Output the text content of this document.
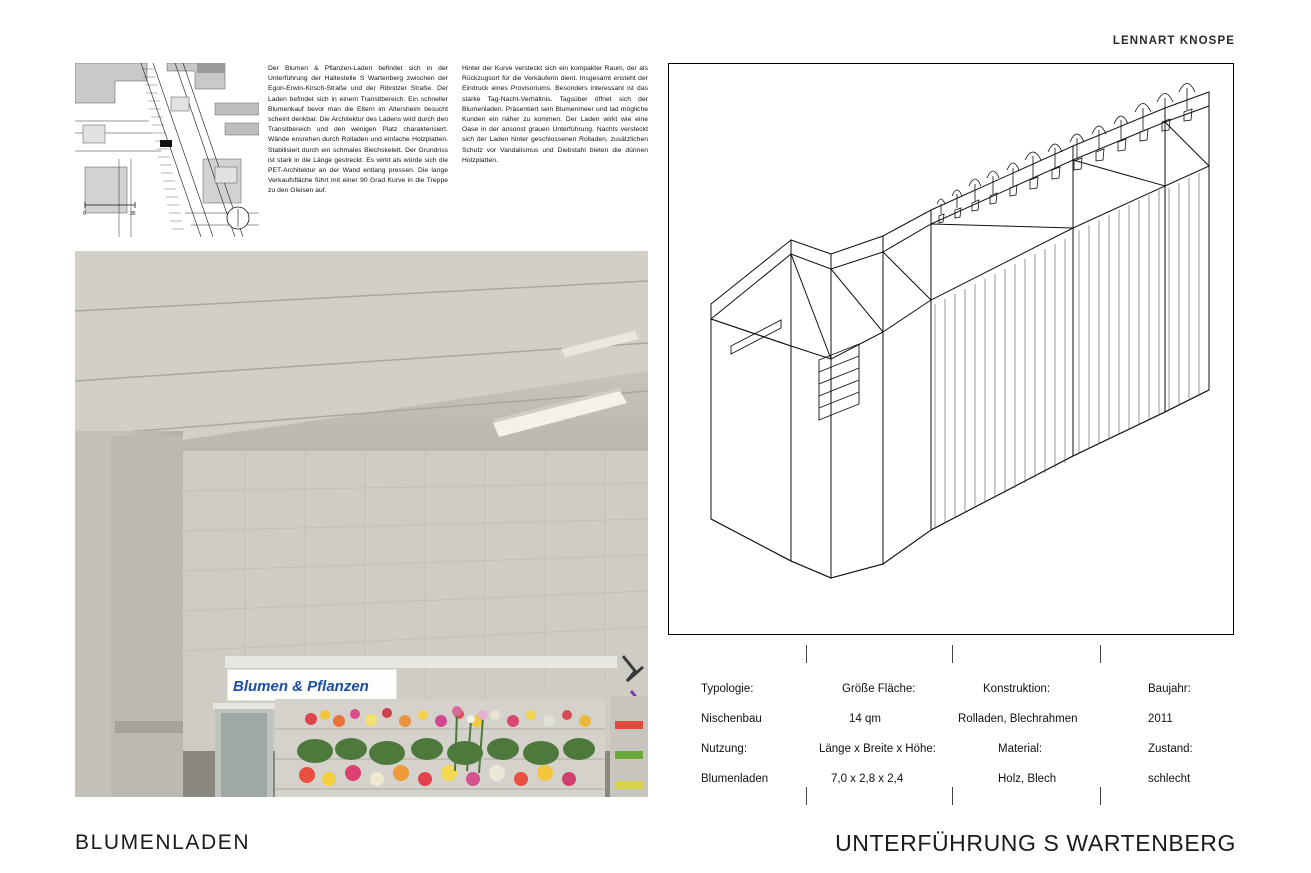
LENNART KNOSPE
0	35
Der Blumen & Pflanzen-Laden befindet sich in der Unterführung der Haltestelle S Wartenberg zwischen der Egon-Erwin-Kirsch-Straße und der Ribnitzer Straße. Der Laden befindet sich in einem Transitbereich. Ein schneller Blumenkauf bevor man die Eltern im Altersheim besucht scheint denkbar. Die Architektur des Ladens wird durch den Transitbereich und den wenigen Platz charakterisiert. Wände ensrehen durch Rolladen und einfache Holzplatten. Stabilisiert durch ein schmales Blechskelett. Der Grundriss ist stark in die Länge gestreckt. Es wirkt als würde sich die PET-Architektur an der Wand entlang pressen. Die lange Verkaufsfläche führt mit einer 90 Grad Kurve in die Treppe zu den Gleisen auf.
Hinter der Kurve versteckt sich ein kompakter Raum, der als Rückzugsort für die Verkäuferin dient. Insgesamt ensteht der Eindruck eines Provisoriums. Besonders interessant ist das starke Tag-Nacht-Verhältnis. Tagsüber öffnet sich der Blumenladen. Präsentiert sein Blumenmeer und lad mögliche Kunden ein näher zu kommen. Der Laden wirkt wie eine Oase in der ansonst grauen Unterführung. Nachts versteckt sich der Laden hinter geschlossenen Rolladen, zusätzlichen Schutz vor Vandalismus und Diebstahl bieten die dünnen Holzplatten.
Blumen & Pflanzen	Typologie:	Größe Fläche:	Konstruktion:	Baujahr:
Nischenbau	14 qm	Rolladen, Blechrahmen	2011
Nutzung:	Länge x Breite x Höhe:	Material:	Zustand:
Blumenladen	7,0 x 2,8 x 2,4	Holz, Blech	schlecht
BLUMENLADEN	UNTERFÜHRUNG S WARTENBERG
